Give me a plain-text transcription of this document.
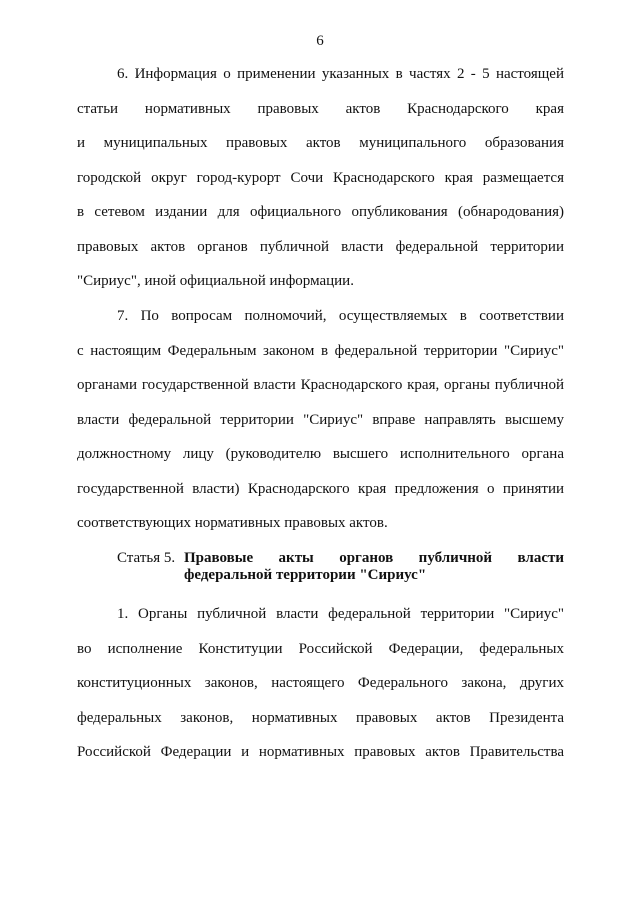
6
6. Информация о применении указанных в частях 2 - 5 настоящей
статьи нормативных правовых актов Краснодарского края
и муниципальных правовых актов муниципального образования
городской округ город-курорт Сочи Краснодарского края размещается
в сетевом издании для официального опубликования (обнародования)
правовых актов органов публичной власти федеральной территории
"Сириус", иной официальной информации.
7. По вопросам полномочий, осуществляемых в соответствии
с настоящим Федеральным законом в федеральной территории "Сириус"
органами государственной власти Краснодарского края, органы публичной
власти федеральной территории "Сириус" вправе направлять высшему
должностному лицу (руководителю высшего исполнительного органа
государственной власти) Краснодарского края предложения о принятии
соответствующих нормативных правовых актов.
Статья 5. Правовые акты органов публичной власти
федеральной территории "Сириус"
1. Органы публичной власти федеральной территории "Сириус"
во исполнение Конституции Российской Федерации, федеральных
конституционных законов, настоящего Федерального закона, других
федеральных законов, нормативных правовых актов Президента
Российской Федерации и нормативных правовых актов Правительства
